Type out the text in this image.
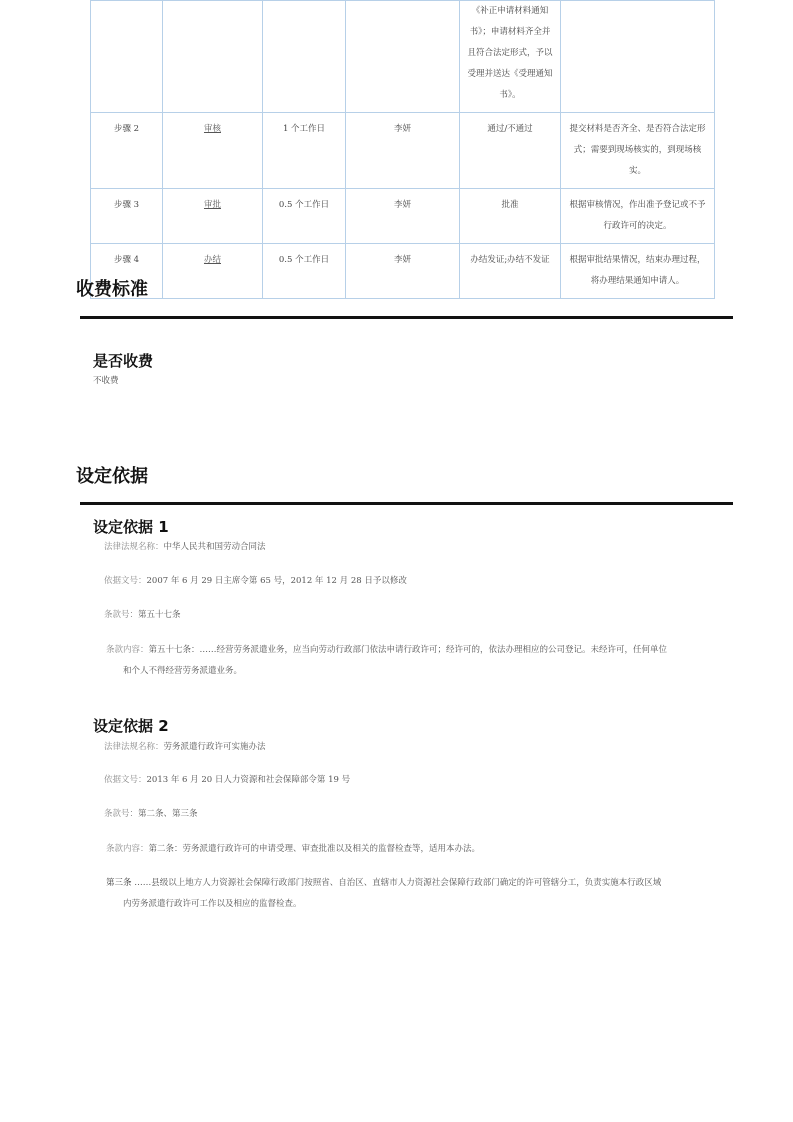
				《补正申请材料通知书》；申请材料齐全并且符合法定形式，予以受理并送达《受理通知书》。	
步骤 2	审核	1 个工作日	李妍	通过/不通过	提交材料是否齐全、是否符合法定形式；需要到现场核实的，到现场核实。
步骤 3	审批	0.5 个工作日	李妍	批准	根据审核情况，作出准予登记或不予行政许可的决定。
步骤 4	办结	0.5 个工作日	李妍	办结发证;办结不发证	根据审批结果情况，结束办理过程，将办理结果通知申请人。
收费标准
是否收费
不收费
设定依据
设定依据 1
法律法规名称：中华人民共和国劳动合同法
依据文号：2007 年 6 月 29 日主席令第 65 号，2012 年 12 月 28 日予以修改
条款号：第五十七条
条款内容：第五十七条：……经营劳务派遣业务，应当向劳动行政部门依法申请行政许可；经许可的，依法办理相应的公司登记。未经许可，任何单位
和个人不得经营劳务派遣业务。
设定依据 2
法律法规名称：劳务派遣行政许可实施办法
依据文号：2013 年 6 月 20 日人力资源和社会保障部令第 19 号
条款号：第二条、第三条
条款内容：第二条：劳务派遣行政许可的申请受理、审查批准以及相关的监督检查等，适用本办法。
第三条 ……县级以上地方人力资源社会保障行政部门按照省、自治区、直辖市人力资源社会保障行政部门确定的许可管辖分工，负责实施本行政区域
内劳务派遣行政许可工作以及相应的监督检查。
